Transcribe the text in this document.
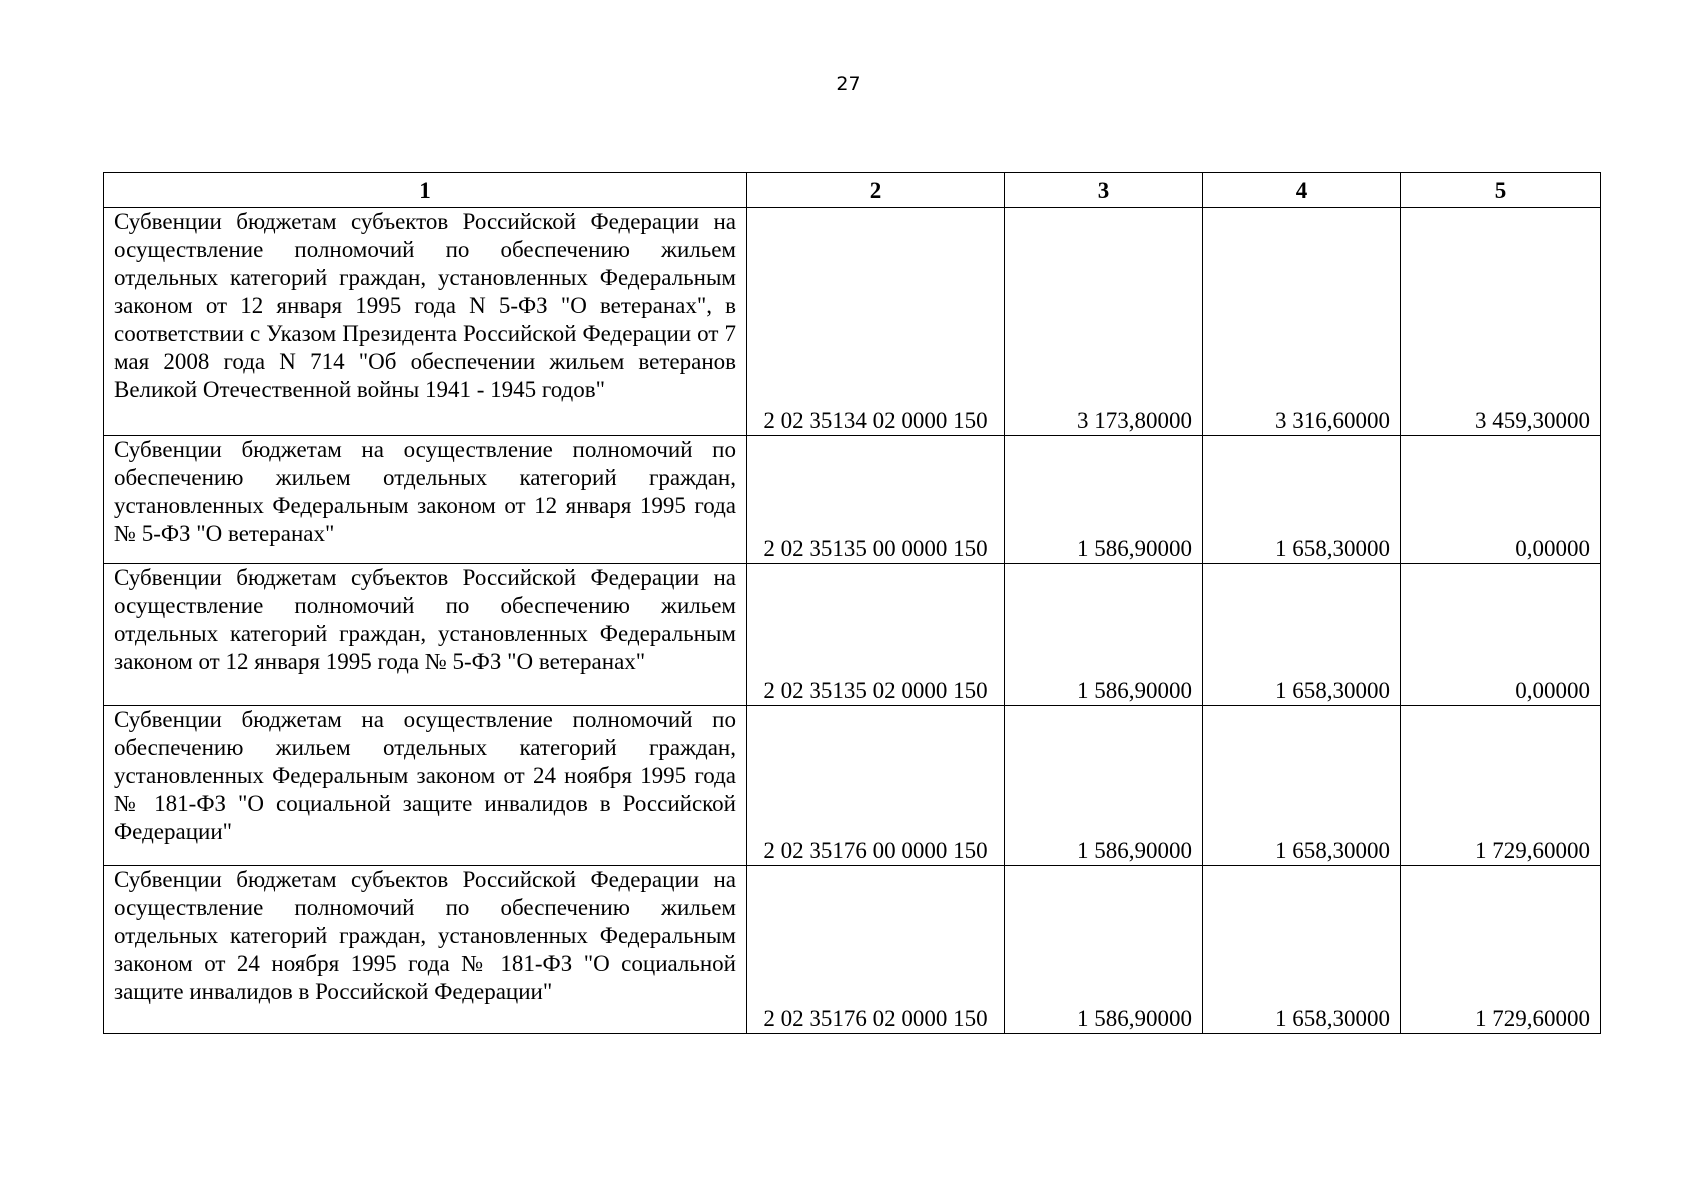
27
1	2	3	4	5
Субвенции бюджетам субъектов Российской Федерации на осуществление полномочий по обеспечению жильем отдельных категорий граждан, установленных Федеральным законом от 12 января 1995 года N 5-ФЗ "О ветеранах", в соответствии с Указом Президента Российской Федерации от 7 мая 2008 года N 714 "Об обеспечении жильем ветеранов Великой Отечественной войны 1941 - 1945 годов"	2 02 35134 02 0000 150	3 173,80000	3 316,60000	3 459,30000
Субвенции бюджетам на осуществление полномочий по обеспечению жильем отдельных категорий граждан, установленных Федеральным законом от 12 января 1995 года № 5-ФЗ "О ветеранах"	2 02 35135 00 0000 150	1 586,90000	1 658,30000	0,00000
Субвенции бюджетам субъектов Российской Федерации на осуществление полномочий по обеспечению жильем отдельных категорий граждан, установленных Федеральным законом от 12 января 1995 года № 5-ФЗ "О ветеранах"	2 02 35135 02 0000 150	1 586,90000	1 658,30000	0,00000
Субвенции бюджетам на осуществление полномочий по обеспечению жильем отдельных категорий граждан, установленных Федеральным законом от 24 ноября 1995 года № 181-ФЗ "О социальной защите инвалидов в Российской Федерации"	2 02 35176 00 0000 150	1 586,90000	1 658,30000	1 729,60000
Субвенции бюджетам субъектов Российской Федерации на осуществление полномочий по обеспечению жильем отдельных категорий граждан, установленных Федеральным законом от 24 ноября 1995 года № 181-ФЗ "О социальной защите инвалидов в Российской Федерации"	2 02 35176 02 0000 150	1 586,90000	1 658,30000	1 729,60000
